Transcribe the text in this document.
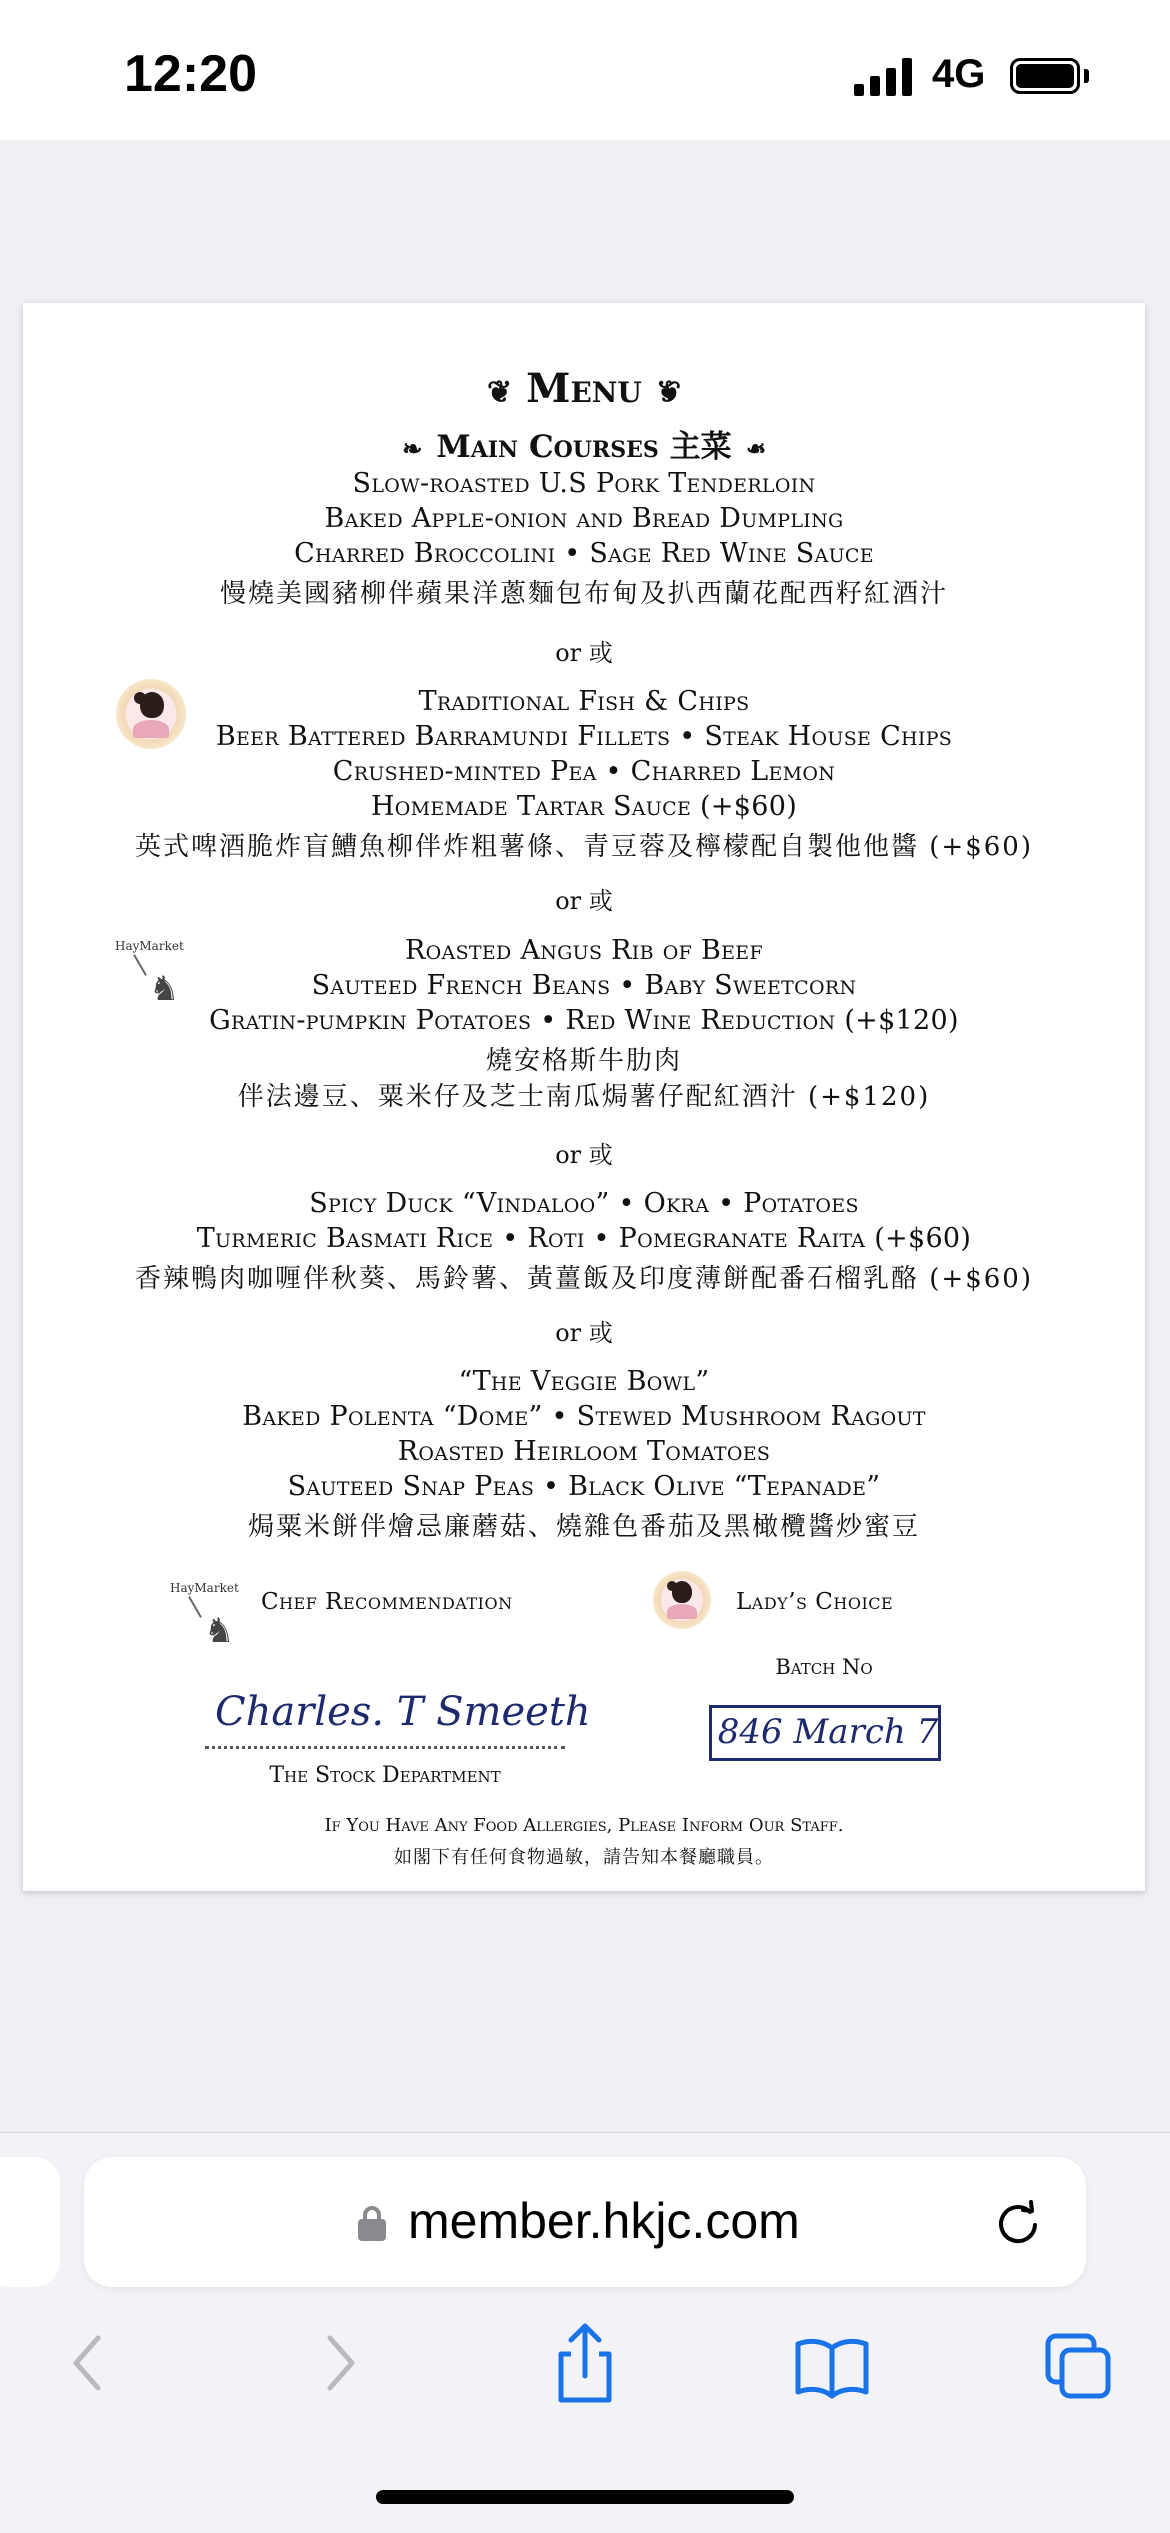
12:20	4G
❦ Menu ❦
❧ Main Courses 主菜 ❧
Slow-roasted U.S Pork Tenderloin
Baked Apple-onion and Bread Dumpling
Charred Broccolini • Sage Red Wine Sauce
慢燒美國豬柳伴蘋果洋蔥麵包布甸及扒西蘭花配西籽紅酒汁
or 或
Traditional Fish & Chips
Beer Battered Barramundi Fillets • Steak House Chips
Crushed-minted Pea • Charred Lemon
Homemade Tartar Sauce (+$60)
英式啤酒脆炸盲鰽魚柳伴炸粗薯條、青豆蓉及檸檬配自製他他醬 (+$60)
or 或
HayMarket
♞
Roasted Angus Rib of Beef
Sauteed French Beans • Baby Sweetcorn
Gratin-pumpkin Potatoes • Red Wine Reduction (+$120)
燒安格斯牛肋肉
伴法邊豆、粟米仔及芝士南瓜焗薯仔配紅酒汁 (+$120)
or 或
Spicy Duck “Vindaloo” • Okra • Potatoes
Turmeric Basmati Rice • Roti • Pomegranate Raita (+$60)
香辣鴨肉咖喱伴秋葵、馬鈴薯、黃薑飯及印度薄餅配番石榴乳酪 (+$60)
or 或
“The Veggie Bowl”
Baked Polenta “Dome” • Stewed Mushroom Ragout
Roasted Heirloom Tomatoes
Sauteed Snap Peas • Black Olive “Tepanade”
焗粟米餅伴燴忌廉蘑菇、燒雜色番茄及黑橄欖醬炒蜜豆
HayMarket
♞
Chef Recommendation	Lady’s Choice
Batch No
846 March 7
Charles. T Smeeth
The Stock Department
If You Have Any Food Allergies, Please Inform Our Staff.
如閣下有任何食物過敏，請告知本餐廳職員。
member.hkjc.com
